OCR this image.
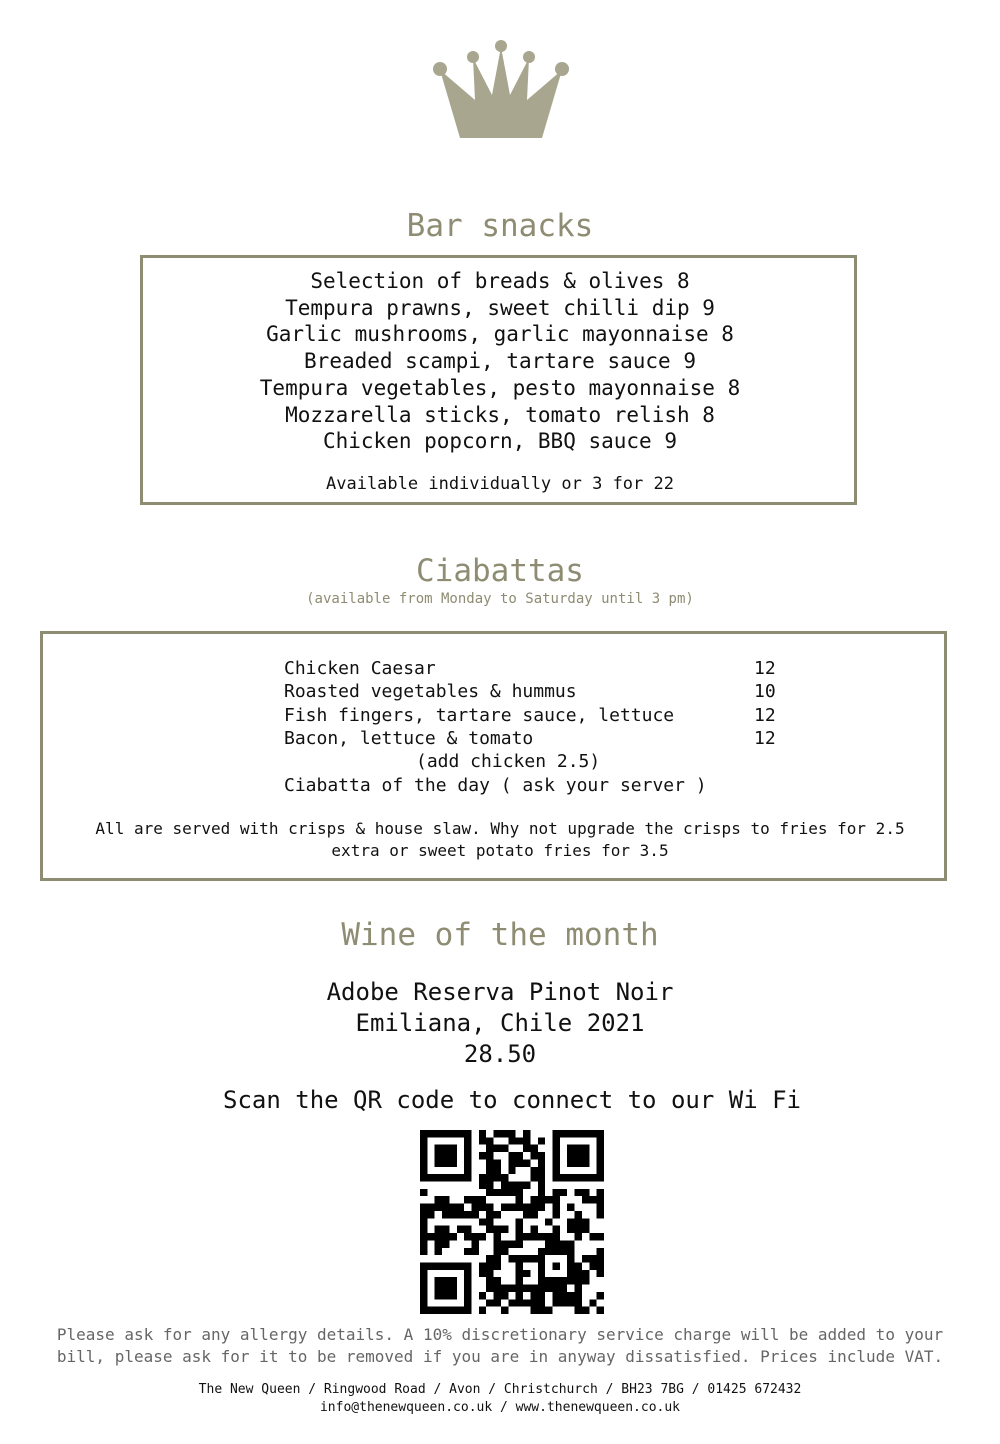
Bar snacks
Selection of breads & olives 8
Tempura prawns, sweet chilli dip 9
Garlic mushrooms, garlic mayonnaise 8
Breaded scampi, tartare sauce 9
Tempura vegetables, pesto mayonnaise 8
Mozzarella sticks, tomato relish 8
Chicken popcorn, BBQ sauce 9
Available individually or 3 for 22
Ciabattas
(available from Monday to Saturday until 3 pm)
Chicken Caesar	12
Roasted vegetables & hummus	10
Fish fingers, tartare sauce, lettuce	12
Bacon, lettuce & tomato	12
(add chicken 2.5)
Ciabatta of the day ( ask your server )
All are served with crisps & house slaw. Why not upgrade the crisps to fries for 2.5
extra or sweet potato fries for 3.5
Wine of the month
Adobe Reserva Pinot Noir
Emiliana, Chile 2021
28.50
Scan the QR code to connect to our Wi Fi
Please ask for any allergy details. A 10% discretionary service charge will be added to your
bill, please ask for it to be removed if you are in anyway dissatisfied. Prices include VAT.
The New Queen / Ringwood Road / Avon / Christchurch / BH23 7BG / 01425 672432
info@thenewqueen.co.uk / www.thenewqueen.co.uk
